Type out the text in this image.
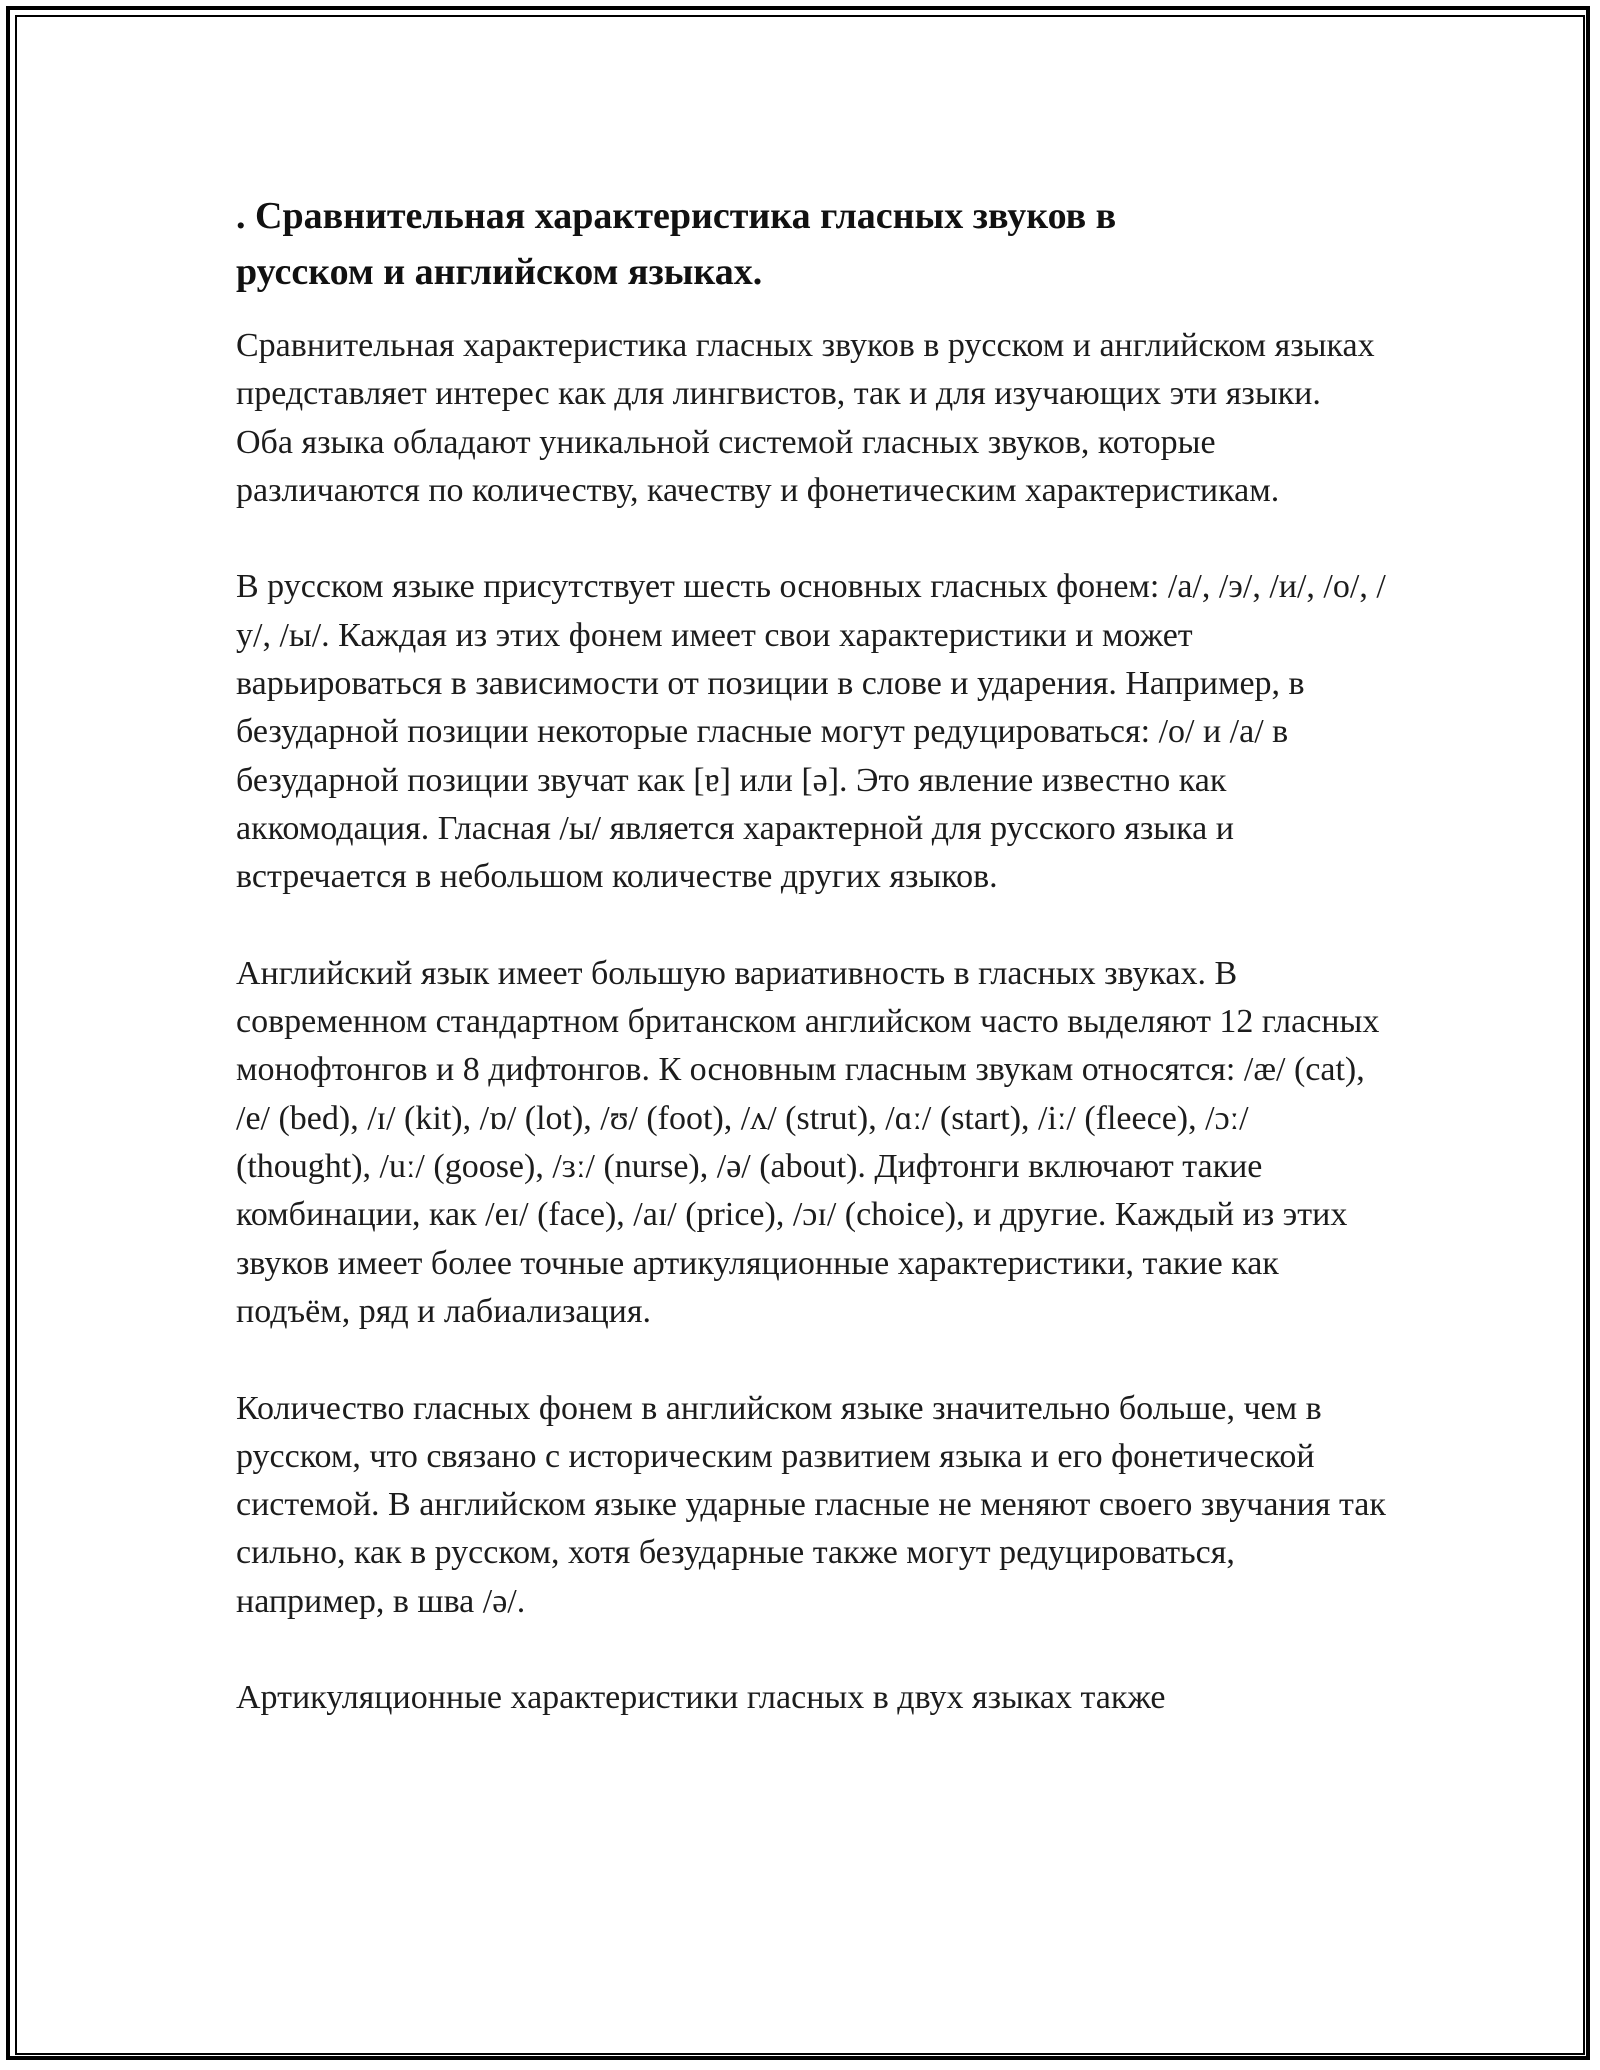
. Сравнительная характеристика гласных звуков в
русском и английском языках.

Сравнительная характеристика гласных звуков в русском и английском языках представляет интерес как для лингвистов, так и для изучающих эти языки. Оба языка обладают уникальной системой гласных звуков, которые различаются по количеству, качеству и фонетическим характеристикам.

В русском языке присутствует шесть основных гласных фонем: /а/, /э/, /и/, /о/, /у/, /ы/. Каждая из этих фонем имеет свои характеристики и может варьироваться в зависимости от позиции в слове и ударения. Например, в безударной позиции некоторые гласные могут редуцироваться: /о/ и /а/ в безударной позиции звучат как [ɐ] или [ə]. Это явление известно как аккомодация. Гласная /ы/ является характерной для русского языка и встречается в небольшом количестве других языков.

Английский язык имеет большую вариативность в гласных звуках. В современном стандартном британском английском часто выделяют 12 гласных монофтонгов и 8 дифтонгов. К основным гласным звукам относятся: /æ/ (cat), /e/ (bed), /ɪ/ (kit), /ɒ/ (lot), /ʊ/ (foot), /ʌ/ (strut), /ɑː/ (start), /iː/ (fleece), /ɔː/ (thought), /uː/ (goose), /ɜː/ (nurse), /ə/ (about). Дифтонги включают такие комбинации, как /eɪ/ (face), /aɪ/ (price), /ɔɪ/ (choice), и другие. Каждый из этих звуков имеет более точные артикуляционные характеристики, такие как подъём, ряд и лабиализация.

Количество гласных фонем в английском языке значительно больше, чем в русском, что связано с историческим развитием языка и его фонетической системой. В английском языке ударные гласные не меняют своего звучания так сильно, как в русском, хотя безударные также могут редуцироваться, например, в шва /ə/.

Артикуляционные характеристики гласных в двух языках также
